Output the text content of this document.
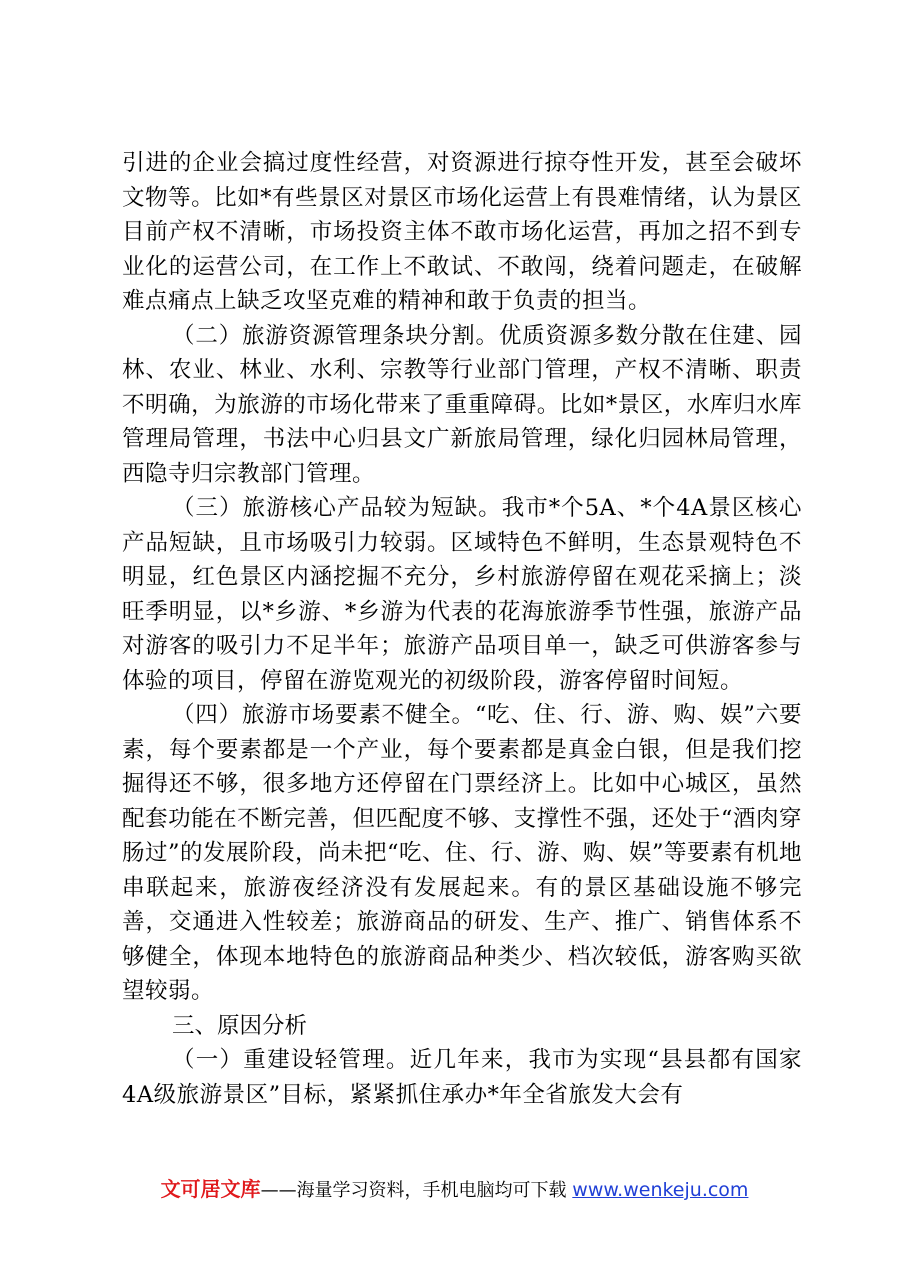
引进的企业会搞过度性经营，对资源进行掠夺性开发，甚至会破坏文物等。比如*有些景区对景区市场化运营上有畏难情绪，认为景区目前产权不清晰，市场投资主体不敢市场化运营，再加之招不到专业化的运营公司，在工作上不敢试、不敢闯，绕着问题走，在破解难点痛点上缺乏攻坚克难的精神和敢于负责的担当。

（二）旅游资源管理条块分割。优质资源多数分散在住建、园林、农业、林业、水利、宗教等行业部门管理，产权不清晰、职责不明确，为旅游的市场化带来了重重障碍。比如*景区，水库归水库管理局管理，书法中心归县文广新旅局管理，绿化归园林局管理，西隐寺归宗教部门管理。

（三）旅游核心产品较为短缺。我市*个5A、*个4A景区核心产品短缺，且市场吸引力较弱。区域特色不鲜明，生态景观特色不明显，红色景区内涵挖掘不充分，乡村旅游停留在观花采摘上；淡旺季明显，以*乡游、*乡游为代表的花海旅游季节性强，旅游产品对游客的吸引力不足半年；旅游产品项目单一，缺乏可供游客参与体验的项目，停留在游览观光的初级阶段，游客停留时间短。

（四）旅游市场要素不健全。“吃、住、行、游、购、娱”六要素，每个要素都是一个产业，每个要素都是真金白银，但是我们挖掘得还不够，很多地方还停留在门票经济上。比如中心城区，虽然配套功能在不断完善，但匹配度不够、支撑性不强，还处于“酒肉穿肠过”的发展阶段，尚未把“吃、住、行、游、购、娱”等要素有机地串联起来，旅游夜经济没有发展起来。有的景区基础设施不够完善，交通进入性较差；旅游商品的研发、生产、推广、销售体系不够健全，体现本地特色的旅游商品种类少、档次较低，游客购买欲望较弱。

三、原因分析

（一）重建设轻管理。近几年来，我市为实现“县县都有国家4A级旅游景区”目标，紧紧抓住承办*年全省旅发大会有

文可居文库——海量学习资料，手机电脑均可下载 www.wenkeju.com
